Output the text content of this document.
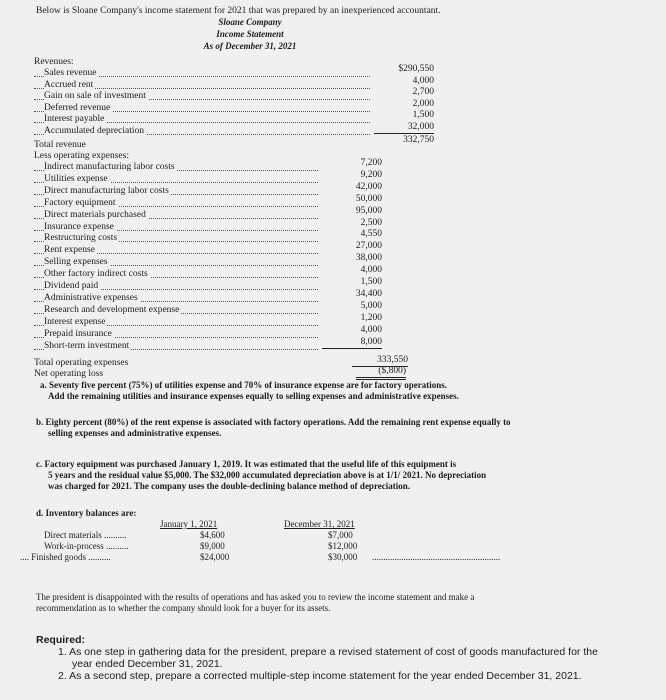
Below is Sloane Company's income statement for 2021 that was prepared by an inexperienced accountant.
Sloane Company
Income Statement
As of December 31, 2021
Revenues:
Sales revenue	$290,550
Accrued rent	4,000
Gain on sale of investment	2,700
Deferred revenue	2,000
Interest payable	1,500
Accumulated depreciation	32,000
Total revenue	332,750
Less operating expenses:
Indirect manufacturing labor costs	7,200
Utilities expense	9,200
Direct manufacturing labor costs	42,000
Factory equipment	50,000
Direct materials purchased	95,000
Insurance expense	2,500
Restructuring costs	4,550
Rent expense	27,000
Selling expenses	38,000
Other factory indirect costs	4,000
Dividend paid	1,500
Administrative expenses	34,400
Research and development expense	5,000
Interest expense	1,200
Prepaid insurance	4,000
Short-term investment	8,000
Total operating expenses	333,550
Net operating loss	($,800)
a. Seventy five percent (75%) of utilities expense and 70% of insurance expense are for factory operations.
Add the remaining utilities and insurance expenses equally to selling expenses and administrative expenses.
b. Eighty percent (80%) of the rent expense is associated with factory operations. Add the remaining rent expense equally to
selling expenses and administrative expenses.
c. Factory equipment was purchased January 1, 2019. It was estimated that the useful life of this equipment is
5 years and the residual value $5,000. The $32,000 accumulated depreciation above is at 1/1/ 2021. No depreciation
was charged for 2021. The company uses the double-declining balance method of depreciation.
d. Inventory balances are:
January 1, 2021	December 31, 2021
Direct materials ..........	$4,600	$7,000
Work-in-process ..........	$9,000	$12,000
.... Finished goods ..........	$24,000	$30,000 .........................................................
The president is disappointed with the results of operations and has asked you to review the income statement and make a
recommendation as to whether the company should look for a buyer for its assets.
Required:
1. As one step in gathering data for the president, prepare a revised statement of cost of goods manufactured for the
year ended December 31, 2021.
2. As a second step, prepare a corrected multiple-step income statement for the year ended December 31, 2021.
